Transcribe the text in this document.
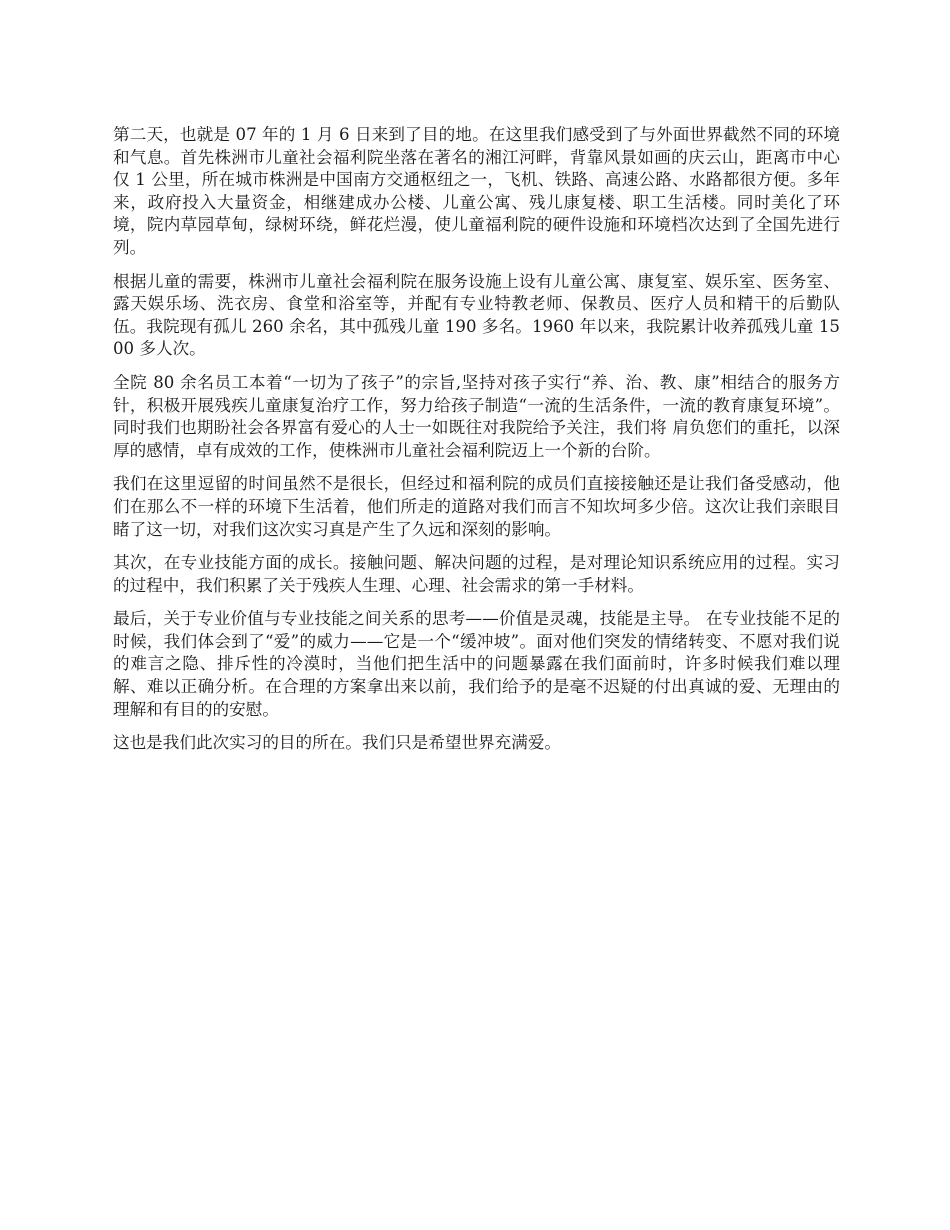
第二天，也就是 07 年的 1 月 6 日来到了目的地。在这里我们感受到了与外面世界截然不同的环境和气息。首先株洲市儿童社会福利院坐落在著名的湘江河畔，背靠风景如画的庆云山，距离市中心仅 1 公里，所在城市株洲是中国南方交通枢纽之一，飞机、铁路、高速公路、水路都很方便。多年来，政府投入大量资金，相继建成办公楼、儿童公寓、残儿康复楼、职工生活楼。同时美化了环境，院内草园草甸，绿树环绕，鲜花烂漫，使儿童福利院的硬件设施和环境档次达到了全国先进行列。

根据儿童的需要，株洲市儿童社会福利院在服务设施上设有儿童公寓、康复室、娱乐室、医务室、露天娱乐场、洗衣房、食堂和浴室等，并配有专业特教老师、保教员、医疗人员和精干的后勤队伍。我院现有孤儿 260 余名，其中孤残儿童 190 多名。1960 年以来，我院累计收养孤残儿童 1500 多人次。

全院 80 余名员工本着“一切为了孩子”的宗旨,坚持对孩子实行“养、治、教、康”相结合的服务方针，积极开展残疾儿童康复治疗工作，努力给孩子制造“一流的生活条件，一流的教育康复环境”。同时我们也期盼社会各界富有爱心的人士一如既往对我院给予关注，我们将 肩负您们的重托，以深厚的感情，卓有成效的工作，使株洲市儿童社会福利院迈上一个新的台阶。

我们在这里逗留的时间虽然不是很长，但经过和福利院的成员们直接接触还是让我们备受感动，他们在那么不一样的环境下生活着，他们所走的道路对我们而言不知坎坷多少倍。这次让我们亲眼目睹了这一切，对我们这次实习真是产生了久远和深刻的影响。

其次，在专业技能方面的成长。接触问题、解决问题的过程，是对理论知识系统应用的过程。实习的过程中，我们积累了关于残疾人生理、心理、社会需求的第一手材料。

最后，关于专业价值与专业技能之间关系的思考——价值是灵魂，技能是主导。 在专业技能不足的时候，我们体会到了“爱”的威力——它是一个“缓冲坡”。面对他们突发的情绪转变、不愿对我们说的难言之隐、排斥性的冷漠时，当他们把生活中的问题暴露在我们面前时，许多时候我们难以理解、难以正确分析。在合理的方案拿出来以前，我们给予的是毫不迟疑的付出真诚的爱、无理由的理解和有目的的安慰。

这也是我们此次实习的目的所在。我们只是希望世界充满爱。
